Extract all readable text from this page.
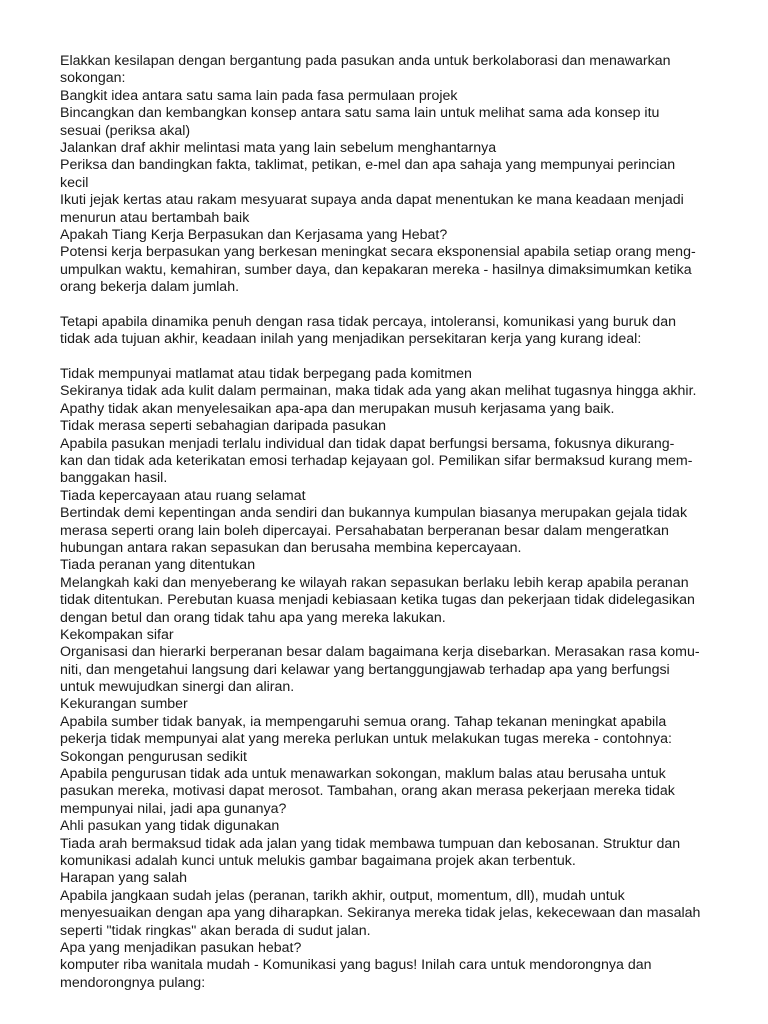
Elakkan kesilapan dengan bergantung pada pasukan anda untuk berkolaborasi dan menawarkan
sokongan:
Bangkit idea antara satu sama lain pada fasa permulaan projek
Bincangkan dan kembangkan konsep antara satu sama lain untuk melihat sama ada konsep itu
sesuai (periksa akal)
Jalankan draf akhir melintasi mata yang lain sebelum menghantarnya
Periksa dan bandingkan fakta, taklimat, petikan, e-mel dan apa sahaja yang mempunyai perincian
kecil
Ikuti jejak kertas atau rakam mesyuarat supaya anda dapat menentukan ke mana keadaan menjadi
menurun atau bertambah baik
Apakah Tiang Kerja Berpasukan dan Kerjasama yang Hebat?
Potensi kerja berpasukan yang berkesan meningkat secara eksponensial apabila setiap orang meng-
umpulkan waktu, kemahiran, sumber daya, dan kepakaran mereka - hasilnya dimaksimumkan ketika
orang bekerja dalam jumlah.
Tetapi apabila dinamika penuh dengan rasa tidak percaya, intoleransi, komunikasi yang buruk dan
tidak ada tujuan akhir, keadaan inilah yang menjadikan persekitaran kerja yang kurang ideal:
Tidak mempunyai matlamat atau tidak berpegang pada komitmen
Sekiranya tidak ada kulit dalam permainan, maka tidak ada yang akan melihat tugasnya hingga akhir.
Apathy tidak akan menyelesaikan apa-apa dan merupakan musuh kerjasama yang baik.
Tidak merasa seperti sebahagian daripada pasukan
Apabila pasukan menjadi terlalu individual dan tidak dapat berfungsi bersama, fokusnya dikurang-
kan dan tidak ada keterikatan emosi terhadap kejayaan gol. Pemilikan sifar bermaksud kurang mem-
banggakan hasil.
Tiada kepercayaan atau ruang selamat
Bertindak demi kepentingan anda sendiri dan bukannya kumpulan biasanya merupakan gejala tidak
merasa seperti orang lain boleh dipercayai. Persahabatan berperanan besar dalam mengeratkan
hubungan antara rakan sepasukan dan berusaha membina kepercayaan.
Tiada peranan yang ditentukan
Melangkah kaki dan menyeberang ke wilayah rakan sepasukan berlaku lebih kerap apabila peranan
tidak ditentukan. Perebutan kuasa menjadi kebiasaan ketika tugas dan pekerjaan tidak didelegasikan
dengan betul dan orang tidak tahu apa yang mereka lakukan.
Kekompakan sifar
Organisasi dan hierarki berperanan besar dalam bagaimana kerja disebarkan. Merasakan rasa komu-
niti, dan mengetahui langsung dari kelawar yang bertanggungjawab terhadap apa yang berfungsi
untuk mewujudkan sinergi dan aliran.
Kekurangan sumber
Apabila sumber tidak banyak, ia mempengaruhi semua orang. Tahap tekanan meningkat apabila
pekerja tidak mempunyai alat yang mereka perlukan untuk melakukan tugas mereka - contohnya:
Sokongan pengurusan sedikit
Apabila pengurusan tidak ada untuk menawarkan sokongan, maklum balas atau berusaha untuk
pasukan mereka, motivasi dapat merosot. Tambahan, orang akan merasa pekerjaan mereka tidak
mempunyai nilai, jadi apa gunanya?
Ahli pasukan yang tidak digunakan
Tiada arah bermaksud tidak ada jalan yang tidak membawa tumpuan dan kebosanan. Struktur dan
komunikasi adalah kunci untuk melukis gambar bagaimana projek akan terbentuk.
Harapan yang salah
Apabila jangkaan sudah jelas (peranan, tarikh akhir, output, momentum, dll), mudah untuk
menyesuaikan dengan apa yang diharapkan. Sekiranya mereka tidak jelas, kekecewaan dan masalah
seperti "tidak ringkas" akan berada di sudut jalan.
Apa yang menjadikan pasukan hebat?
komputer riba wanitala mudah - Komunikasi yang bagus! Inilah cara untuk mendorongnya dan
mendorongnya pulang:
